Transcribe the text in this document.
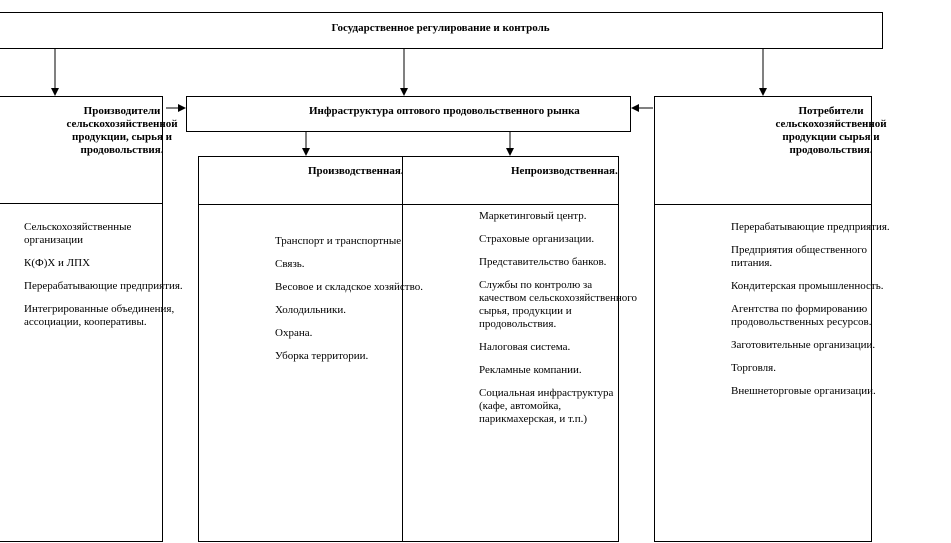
Государственное регулирование и контроль
Производители
сельскохозяйственной
продукции, сырья и
продовольствия.
Сельскохозяйственные
организации
К(Ф)Х и ЛПХ
Перерабатывающие предприятия.
Интегрированные объединения,
ассоциации, кооперативы.
Производственная.
Транспорт и транспортные
Связь.
Весовое и складское хозяйство.
Холодильники.
Охрана.
Уборка территории.
Непроизводственная.
Маркетинговый центр.
Страховые организации.
Представительство банков.
Службы по контролю за
качеством сельскохозяйственного
сырья, продукции и
продовольствия.
Налоговая система.
Рекламные компании.
Социальная инфраструктура
(кафе, автомойка,
парикмахерская, и т.п.)
Инфраструктура оптового продовольственного рынка	Потребители
сельскохозяйственной
продукции сырья и
продовольствия.
Перерабатывающие предприятия.
Предприятия общественного
питания.
Кондитерская промышленность.
Агентства по формированию
продовольственных ресурсов.
Заготовительные организации.
Торговля.
Внешнеторговые организации.
